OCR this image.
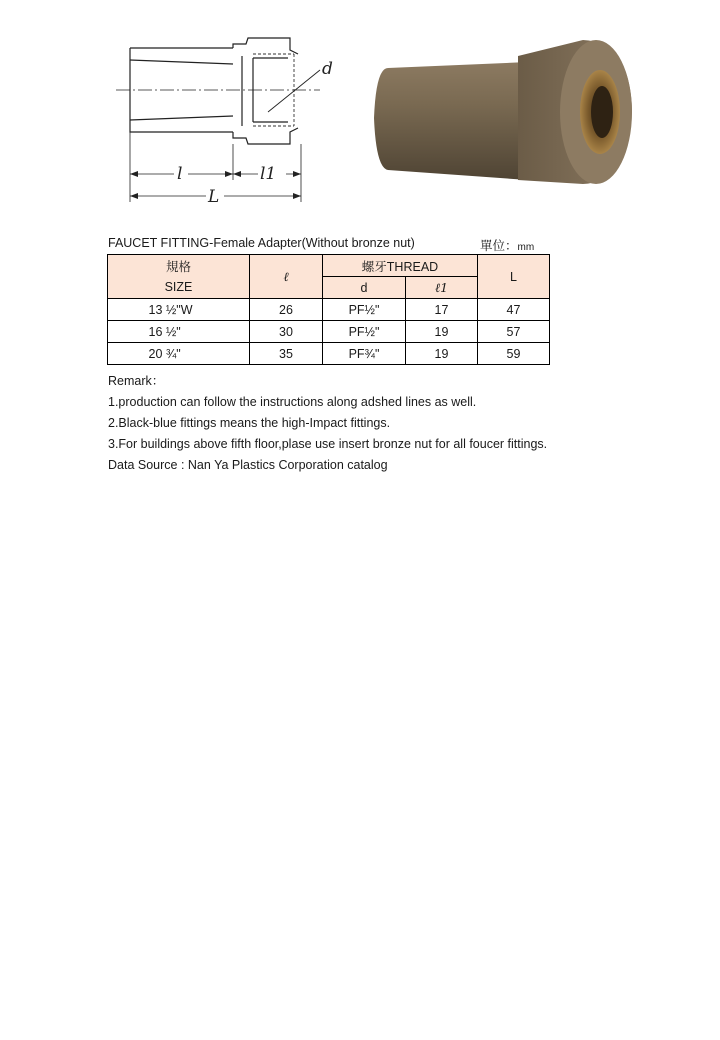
d
l	l1
L
FAUCET FITTING-Female Adapter(Without bronze nut)	單位：mm
規格	ℓ	螺牙THREAD		L
SIZE		d	ℓ1	
13 ½"W	26	PF½"	17	47
16 ½"	30	PF½"	19	57
20 ¾"	35	PF¾"	19	59
Remark：
1.production can follow the instructions along adshed lines as well.
2.Black-blue fittings means the high-Impact fittings.
3.For buildings above fifth floor,plase use insert bronze nut for all foucer fittings.
Data Source : Nan Ya Plastics Corporation catalog
